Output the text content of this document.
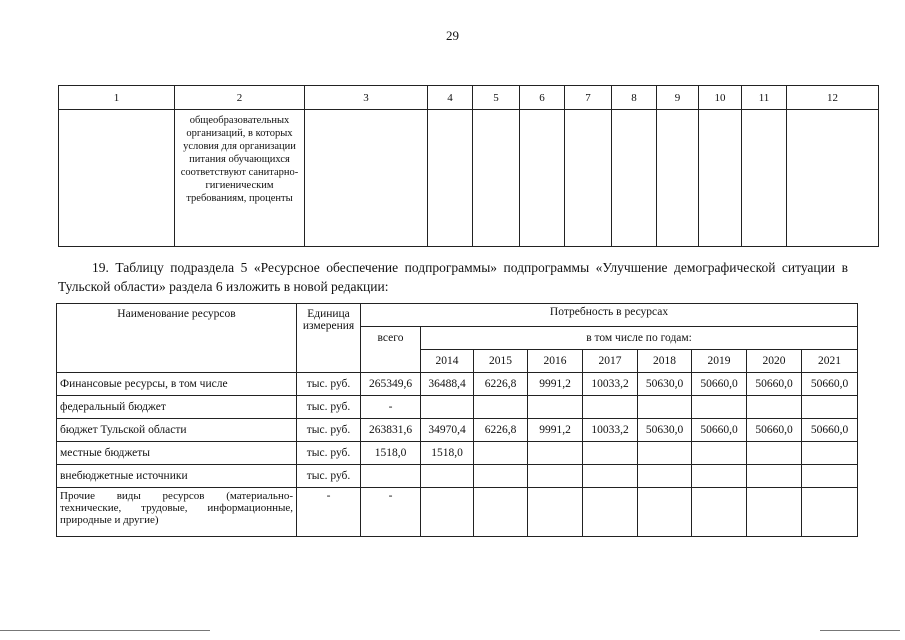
29
1	2	3	4	5	6	7	8	9	10	11	12
	общеобразовательных организаций, в которых условия для организации питания обучающихся соответствуют санитарно-гигиеническим требованиям, проценты										
19. Таблицу подраздела 5 «Ресурсное обеспечение подпрограммы» подпрограммы «Улучшение демографической ситуации в Тульской области» раздела 6 изложить в новой редакции:
Наименование ресурсов	Единица измерения	Потребность в ресурсах								
		всего	в том числе по годам:							
			2014	2015	2016	2017	2018	2019	2020	2021
Финансовые ресурсы, в том числе	тыс. руб.	265349,6	36488,4	6226,8	9991,2	10033,2	50630,0	50660,0	50660,0	50660,0
федеральный бюджет	тыс. руб.	-								
бюджет Тульской области	тыс. руб.	263831,6	34970,4	6226,8	9991,2	10033,2	50630,0	50660,0	50660,0	50660,0
местные бюджеты	тыс. руб.	1518,0	1518,0							
внебюджетные источники	тыс. руб.									
Прочие виды ресурсов (материально-технические, трудовые, информационные, природные и другие)	-	-								
